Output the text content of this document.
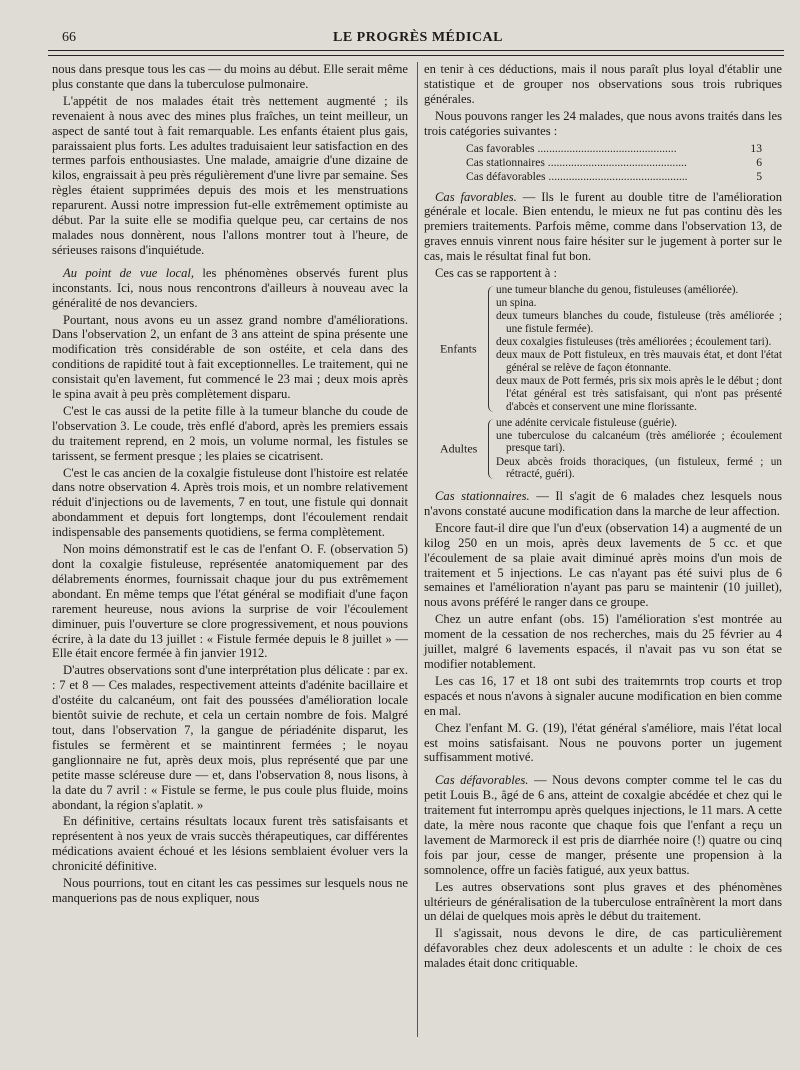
66	LE PROGRÈS MÉDICAL

nous dans presque tous les cas — du moins au début. Elle serait même plus constante que dans la tuberculose pulmonaire.

L'appétit de nos malades était très nettement augmenté ; ils revenaient à nous avec des mines plus fraîches, un teint meilleur, un aspect de santé tout à fait remarquable. Les enfants étaient plus gais, paraissaient plus forts. Les adultes traduisaient leur satisfaction en des termes parfois enthousiastes. Une malade, amaigrie d'une dizaine de kilos, engraissait à peu près régulièrement d'une livre par semaine. Ses règles étaient supprimées depuis des mois et les menstruations reparurent. Aussi notre impression fut-elle extrêmement optimiste au début. Par la suite elle se modifia quelque peu, car certains de nos malades nous donnèrent, nous l'allons montrer tout à l'heure, de sérieuses raisons d'inquiétude.

Au point de vue local, les phénomènes observés furent plus inconstants. Ici, nous nous rencontrons d'ailleurs à nouveau avec la généralité de nos devanciers.

Pourtant, nous avons eu un assez grand nombre d'améliorations. Dans l'observation 2, un enfant de 3 ans atteint de spina présente une modification très considérable de son ostéite, et cela dans des conditions de rapidité tout à fait exceptionnelles. Le traitement, qui ne consistait qu'en lavement, fut commencé le 23 mai ; deux mois après le spina avait à peu près complètement disparu.

C'est le cas aussi de la petite fille à la tumeur blanche du coude de l'observation 3. Le coude, très enflé d'abord, après les premiers essais du traitement reprend, en 2 mois, un volume normal, les fistules se tarissent, se ferment presque ; les plaies se cicatrisent.

C'est le cas ancien de la coxalgie fistuleuse dont l'histoire est relatée dans notre observation 4. Après trois mois, et un nombre relativement réduit d'injections ou de lavements, 7 en tout, une fistule qui donnait abondamment et depuis fort longtemps, dont l'écoulement rendait indispensable des pansements quotidiens, se ferma complètement.

Non moins démonstratif est le cas de l'enfant O. F. (observation 5) dont la coxalgie fistuleuse, représentée anatomiquement par des délabrements énormes, fournissait chaque jour du pus extrêmement abondant. En même temps que l'état général se modifiait d'une façon rarement heureuse, nous avions la surprise de voir l'écoulement diminuer, puis l'ouverture se clore progressivement, et nous pouvions écrire, à la date du 13 juillet : « Fistule fermée depuis le 8 juillet » — Elle était encore fermée à fin janvier 1912.

D'autres observations sont d'une interprétation plus délicate : par ex. : 7 et 8 — Ces malades, respectivement atteints d'adénite bacillaire et d'ostéite du calcanéum, ont fait des poussées d'amélioration locale bientôt suivie de rechute, et cela un certain nombre de fois. Malgré tout, dans l'observation 7, la gangue de périadénite disparut, les fistules se fermèrent et se maintinrent fermées ; le noyau ganglionnaire ne fut, après deux mois, plus représenté que par une petite masse scléreuse dure — et, dans l'observation 8, nous lisons, à la date du 7 avril : « Fistule se ferme, le pus coule plus fluide, moins abondant, la région s'aplatit. »

En définitive, certains résultats locaux furent très satisfaisants et représentent à nos yeux de vrais succès thérapeutiques, car différentes médications avaient échoué et les lésions semblaient évoluer vers la chronicité définitive.

Nous pourrions, tout en citant les cas pessimes sur lesquels nous ne manquerions pas de nous expliquer, nous

en tenir à ces déductions, mais il nous paraît plus loyal d'établir une statistique et de grouper nos observations sous trois rubriques générales.

Nous pouvons ranger les 24 malades, que nous avons traités dans les trois catégories suivantes :

Cas favorables .....	13
Cas stationnaires .....	6
Cas défavorables .....	5

Cas favorables. — Ils le furent au double titre de l'amélioration générale et locale. Bien entendu, le mieux ne fut pas continu dès les premiers traitements. Parfois même, comme dans l'observation 13, de graves ennuis vinrent nous faire hésiter sur le jugement à porter sur le cas, mais le résultat final fut bon.

Ces cas se rapportent à :

Enfants
une tumeur blanche du genou, fistuleuses (améliorée).
un spina.
deux tumeurs blanches du coude, fistuleuse (très améliorée ; une fistule fermée).
deux coxalgies fistuleuses (très améliorées ; écoulement tari).
deux maux de Pott fistuleux, en très mauvais état, et dont l'état général se relève de façon étonnante.
deux maux de Pott fermés, pris six mois après le le début ; dont l'état général est très satisfaisant, qui n'ont pas présenté d'abcès et conservent une mine florissante.
Adultes
une adénite cervicale fistuleuse (guérie).
une tuberculose du calcanéum (très améliorée ; écoulement presque tari).
Deux abcès froids thoraciques, (un fistuleux, fermé ; un rétracté, guéri).

Cas stationnaires. — Il s'agit de 6 malades chez lesquels nous n'avons constaté aucune modification dans la marche de leur affection.

Encore faut-il dire que l'un d'eux (observation 14) a augmenté de un kilog 250 en un mois, après deux lavements de 5 cc. et que l'écoulement de sa plaie avait diminué après moins d'un mois de traitement et 5 injections. Le cas n'ayant pas été suivi plus de 6 semaines et l'amélioration n'ayant pas paru se maintenir (10 juillet), nous avons préféré le ranger dans ce groupe.

Chez un autre enfant (obs. 15) l'amélioration s'est montrée au moment de la cessation de nos recherches, mais du 25 février au 4 juillet, malgré 6 lavements espacés, il n'avait pas vu son état se modifier notablement.

Les cas 16, 17 et 18 ont subi des traitemrnts trop courts et trop espacés et nous n'avons à signaler aucune modification en bien comme en mal.

Chez l'enfant M. G. (19), l'état général s'améliore, mais l'état local est moins satisfaisant. Nous ne pouvons porter un jugement suffisamment motivé.

Cas défavorables. — Nous devons compter comme tel le cas du petit Louis B., âgé de 6 ans, atteint de coxalgie abcédée et chez qui le traitement fut interrompu après quelques injections, le 11 mars. A cette date, la mère nous raconte que chaque fois que l'enfant a reçu un lavement de Marmoreck il est pris de diarrhée noire (!) quatre ou cinq fois par jour, cesse de manger, présente une propension à la somnolence, offre un faciès fatigué, aux yeux battus.

Les autres observations sont plus graves et des phénomènes ultérieurs de généralisation de la tuberculose entraînèrent la mort dans un délai de quelques mois après le début du traitement.

Il s'agissait, nous devons le dire, de cas particulièrement défavorables chez deux adolescents et un adulte : le choix de ces malades était donc critiquable.
